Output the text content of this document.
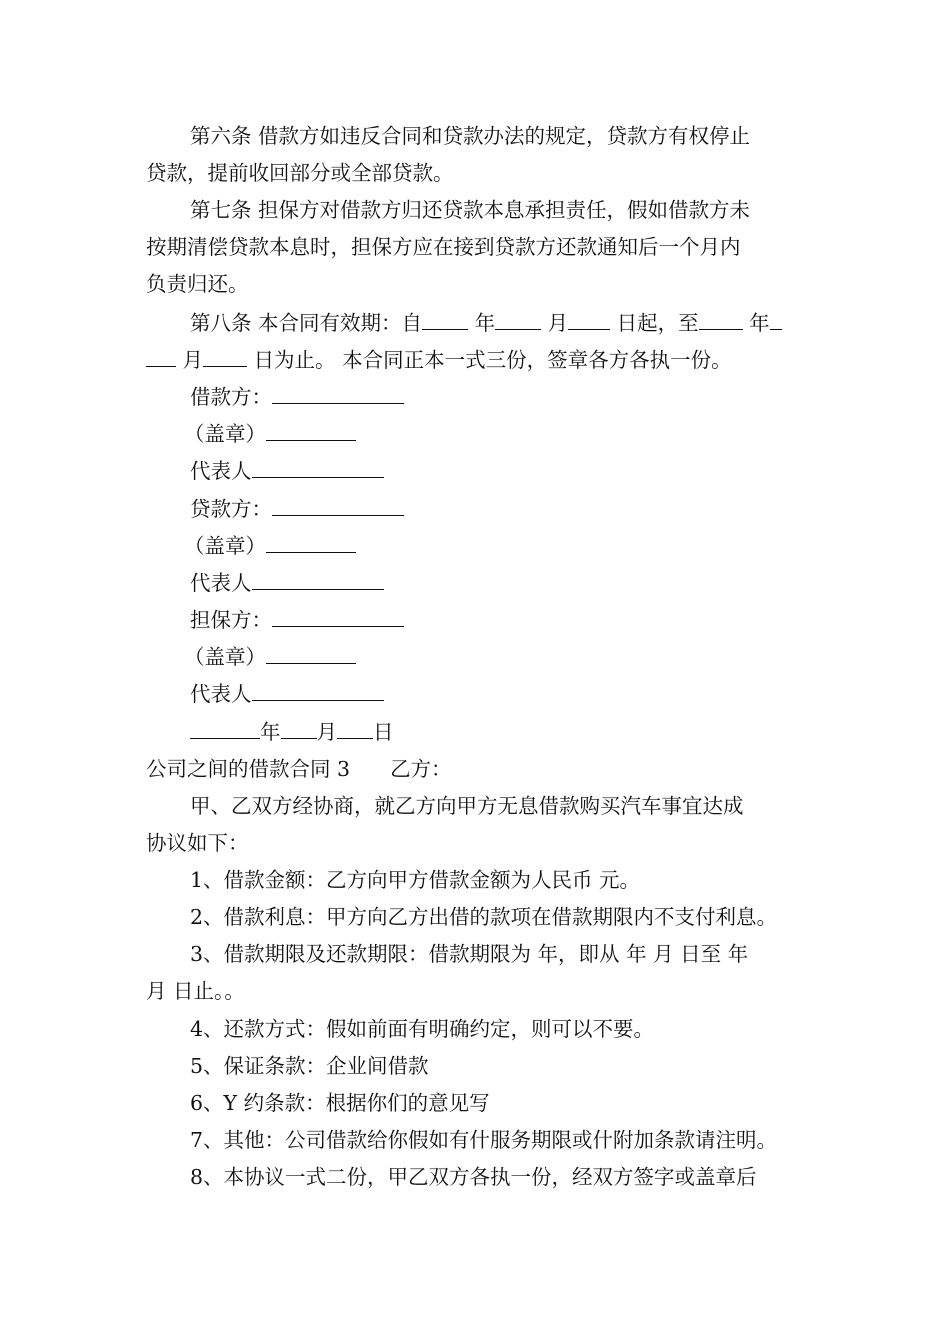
第六条 借款方如违反合同和贷款办法的规定，贷款方有权停止
贷款，提前收回部分或全部贷款。
第七条 担保方对借款方归还贷款本息承担责任，假如借款方未
按期清偿贷款本息时，担保方应在接到贷款方还款通知后一个月内
负责归还。
第八条 本合同有效期：自	年	月 日起，至 年
月 日为止。 本合同正本一式三份，签章各方各执一份。
借款方：
（盖章）
代表人
贷款方：
（盖章）
代表人
担保方：
（盖章）
代表人
年 月 日
公司之间的借款合同 3 乙方：
甲、乙双方经协商，就乙方向甲方无息借款购买汽车事宜达成
协议如下：
1、借款金额：乙方向甲方借款金额为人民币 元。
2、借款利息：甲方向乙方出借的款项在借款期限内不支付利息。
3、借款期限及还款期限：借款期限为 年，即从 年 月 日至 年
月 日止。。
4、还款方式：假如前面有明确约定，则可以不要。
5、保证条款：企业间借款
6、Y 约条款：根据你们的意见写
7、其他：公司借款给你假如有什服务期限或什附加条款请注明。
8、本协议一式二份，甲乙双方各执一份，经双方签字或盖章后
